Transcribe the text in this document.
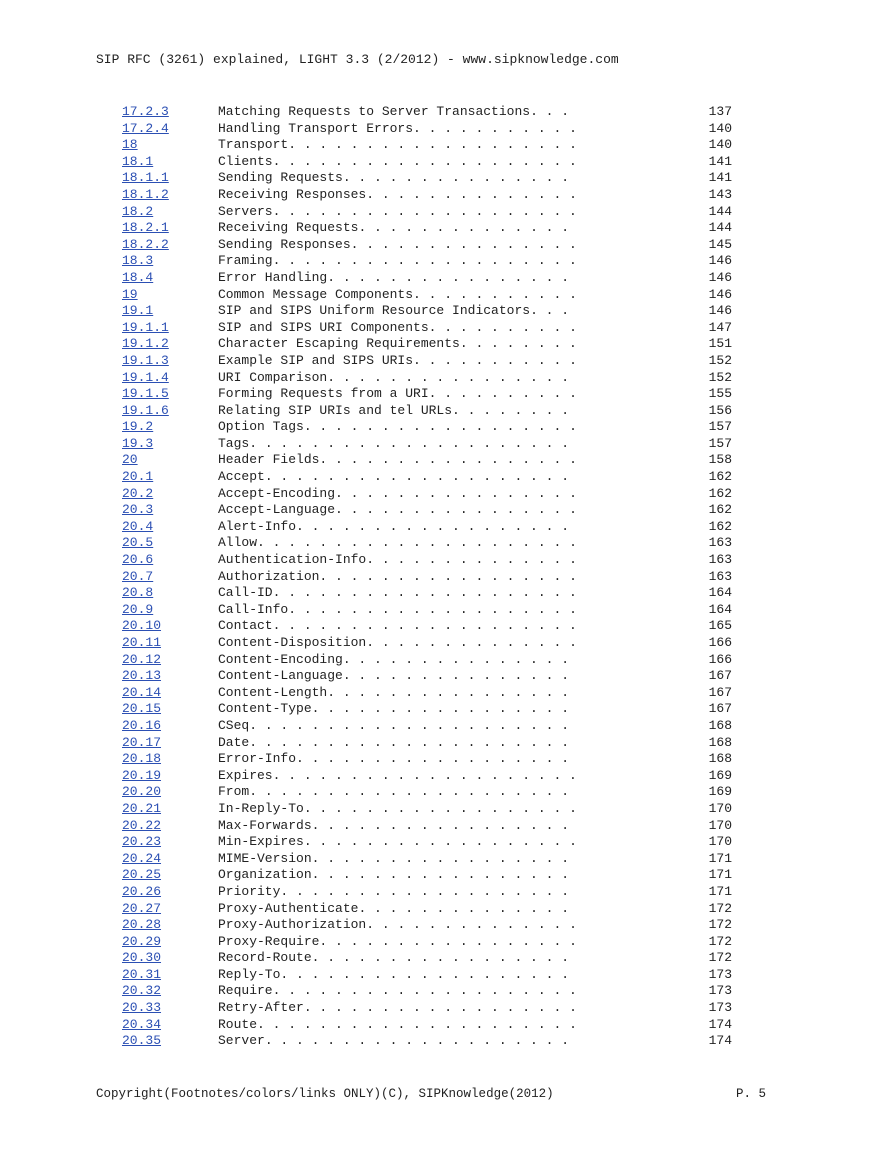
SIP RFC (3261) explained, LIGHT 3.3 (2/2012) - www.sipknowledge.com
17.2.3	Matching Requests to Server Transactions . . .	137
17.2.4	Handling Transport Errors . . . . . . . . . . .	140
18	Transport . . . . . . . . . . . . . . . . . . .	140
18.1	Clients . . . . . . . . . . . . . . . . . . . .	141
18.1.1	Sending Requests . . . . . . . . . . . . . . .	141
18.1.2	Receiving Responses . . . . . . . . . . . . . .	143
18.2	Servers . . . . . . . . . . . . . . . . . . . .	144
18.2.1	Receiving Requests . . . . . . . . . . . . . .	144
18.2.2	Sending Responses . . . . . . . . . . . . . . .	145
18.3	Framing . . . . . . . . . . . . . . . . . . . .	146
18.4	Error Handling . . . . . . . . . . . . . . . .	146
19	Common Message Components . . . . . . . . . . .	146
19.1	SIP and SIPS Uniform Resource Indicators . . .	146
19.1.1	SIP and SIPS URI Components . . . . . . . . . .	147
19.1.2	Character Escaping Requirements . . . . . . . .	151
19.1.3	Example SIP and SIPS URIs . . . . . . . . . . .	152
19.1.4	URI Comparison . . . . . . . . . . . . . . . .	152
19.1.5	Forming Requests from a URI . . . . . . . . . .	155
19.1.6	Relating SIP URIs and tel URLs . . . . . . . .	156
19.2	Option Tags . . . . . . . . . . . . . . . . . .	157
19.3	Tags . . . . . . . . . . . . . . . . . . . . .	157
20	Header Fields . . . . . . . . . . . . . . . . .	158
20.1	Accept . . . . . . . . . . . . . . . . . . . .	162
20.2	Accept-Encoding . . . . . . . . . . . . . . . .	162
20.3	Accept-Language . . . . . . . . . . . . . . . .	162
20.4	Alert-Info . . . . . . . . . . . . . . . . . .	162
20.5	Allow . . . . . . . . . . . . . . . . . . . . .	163
20.6	Authentication-Info . . . . . . . . . . . . . .	163
20.7	Authorization . . . . . . . . . . . . . . . . .	163
20.8	Call-ID . . . . . . . . . . . . . . . . . . . .	164
20.9	Call-Info . . . . . . . . . . . . . . . . . . .	164
20.10	Contact . . . . . . . . . . . . . . . . . . . .	165
20.11	Content-Disposition . . . . . . . . . . . . . .	166
20.12	Content-Encoding . . . . . . . . . . . . . . .	166
20.13	Content-Language . . . . . . . . . . . . . . .	167
20.14	Content-Length . . . . . . . . . . . . . . . .	167
20.15	Content-Type . . . . . . . . . . . . . . . . .	167
20.16	CSeq . . . . . . . . . . . . . . . . . . . . .	168
20.17	Date . . . . . . . . . . . . . . . . . . . . .	168
20.18	Error-Info . . . . . . . . . . . . . . . . . .	168
20.19	Expires . . . . . . . . . . . . . . . . . . . .	169
20.20	From . . . . . . . . . . . . . . . . . . . . .	169
20.21	In-Reply-To . . . . . . . . . . . . . . . . . .	170
20.22	Max-Forwards . . . . . . . . . . . . . . . . .	170
20.23	Min-Expires . . . . . . . . . . . . . . . . . .	170
20.24	MIME-Version . . . . . . . . . . . . . . . . .	171
20.25	Organization . . . . . . . . . . . . . . . . .	171
20.26	Priority . . . . . . . . . . . . . . . . . . .	171
20.27	Proxy-Authenticate . . . . . . . . . . . . . .	172
20.28	Proxy-Authorization . . . . . . . . . . . . . .	172
20.29	Proxy-Require . . . . . . . . . . . . . . . . .	172
20.30	Record-Route . . . . . . . . . . . . . . . . .	172
20.31	Reply-To . . . . . . . . . . . . . . . . . . .	173
20.32	Require . . . . . . . . . . . . . . . . . . . .	173
20.33	Retry-After . . . . . . . . . . . . . . . . . .	173
20.34	Route . . . . . . . . . . . . . . . . . . . . .	174
20.35	Server . . . . . . . . . . . . . . . . . . . .	174
Copyright(Footnotes/colors/links ONLY)(C), SIPKnowledge(2012)	P. 5
